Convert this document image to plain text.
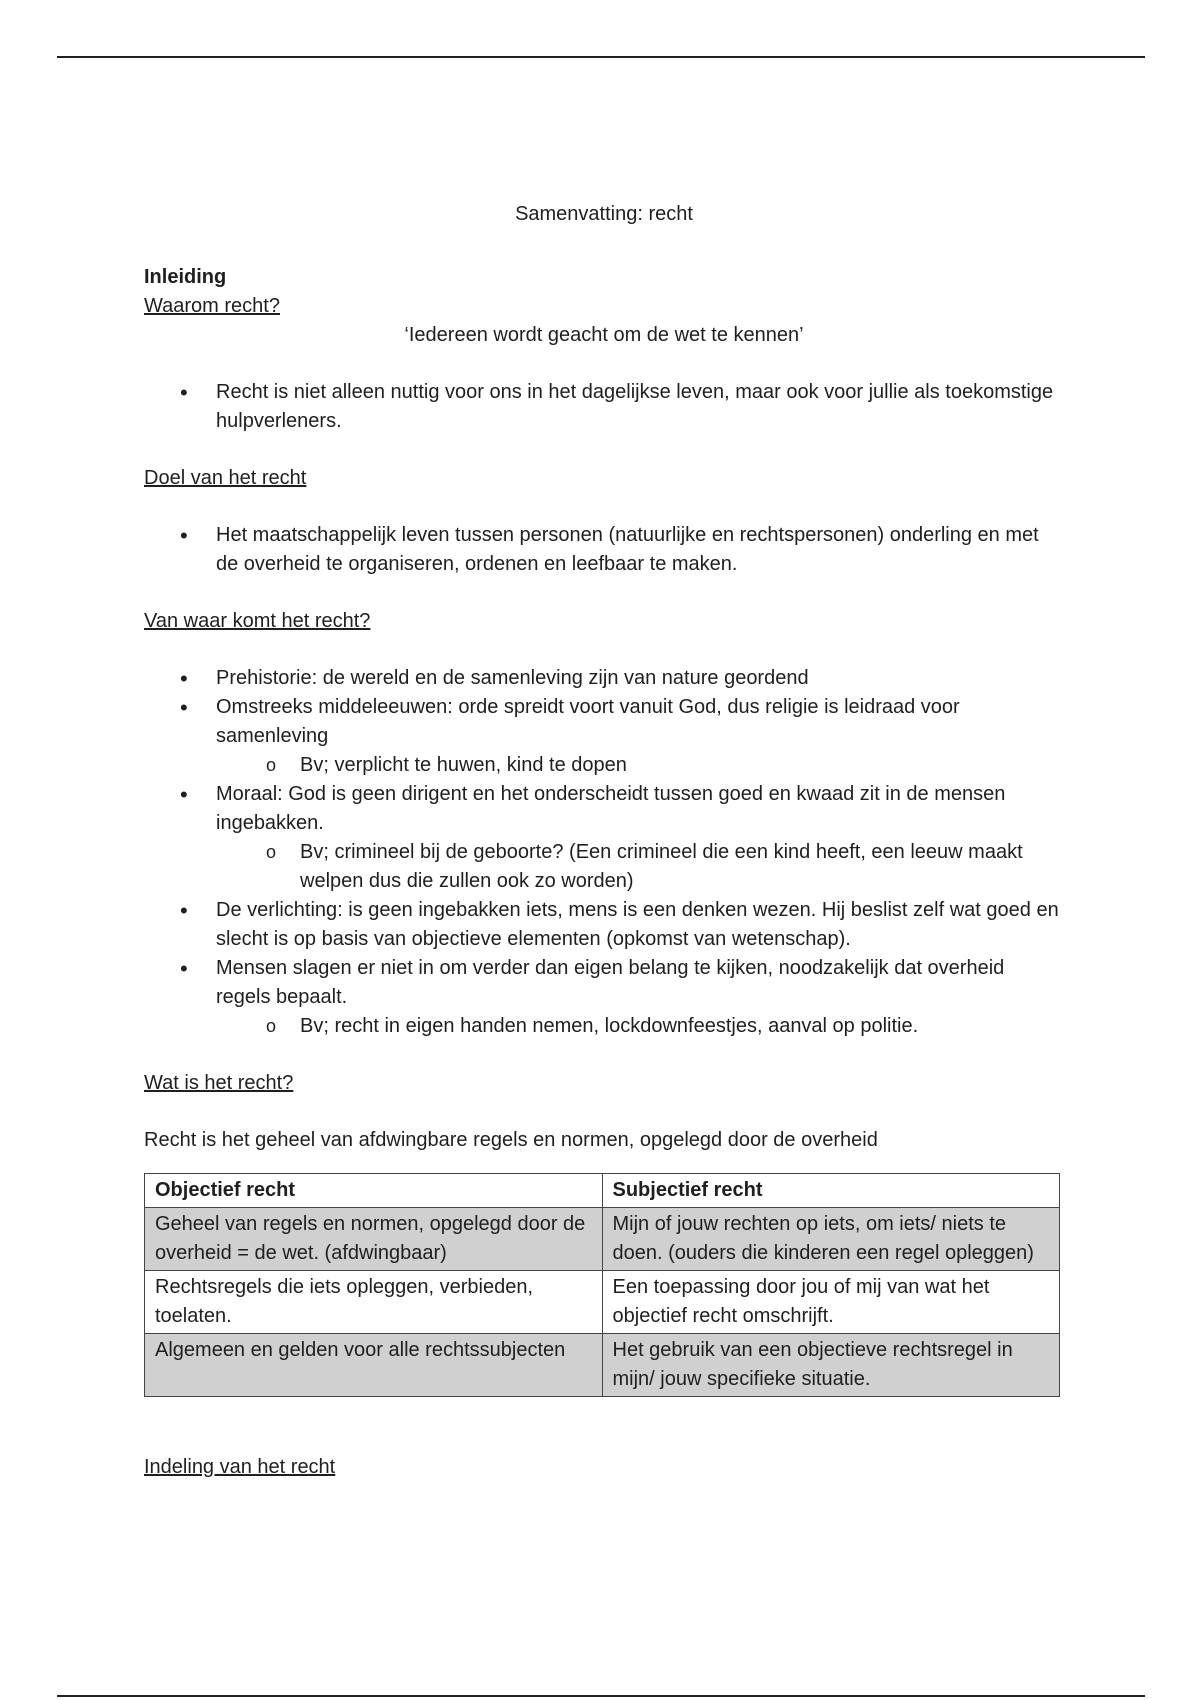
Samenvatting: recht

Inleiding

Waarom recht?

‘Iedereen wordt geacht om de wet te kennen’

• Recht is niet alleen nuttig voor ons in het dagelijkse leven, maar ook voor jullie als toekomstige hulpverleners.

Doel van het recht

• Het maatschappelijk leven tussen personen (natuurlijke en rechtspersonen) onderling en met de overheid te organiseren, ordenen en leefbaar te maken.

Van waar komt het recht?

• Prehistorie: de wereld en de samenleving zijn van nature geordend
• Omstreeks middeleeuwen: orde spreidt voort vanuit God, dus religie is leidraad voor samenleving
o Bv; verplicht te huwen, kind te dopen
• Moraal: God is geen dirigent en het onderscheidt tussen goed en kwaad zit in de mensen ingebakken.
o Bv; crimineel bij de geboorte? (Een crimineel die een kind heeft, een leeuw maakt welpen dus die zullen ook zo worden)
• De verlichting: is geen ingebakken iets, mens is een denken wezen. Hij beslist zelf wat goed en slecht is op basis van objectieve elementen (opkomst van wetenschap).
• Mensen slagen er niet in om verder dan eigen belang te kijken, noodzakelijk dat overheid regels bepaalt.
o Bv; recht in eigen handen nemen, lockdownfeestjes, aanval op politie.

Wat is het recht?

Recht is het geheel van afdwingbare regels en normen, opgelegd door de overheid

Objectief recht	Subjectief recht
Geheel van regels en normen, opgelegd door de overheid = de wet. (afdwingbaar)	Mijn of jouw rechten op iets, om iets/ niets te doen. (ouders die kinderen een regel opleggen)
Rechtsregels die iets opleggen, verbieden, toelaten.	Een toepassing door jou of mij van wat het objectief recht omschrijft.
Algemeen en gelden voor alle rechtssubjecten	Het gebruik van een objectieve rechtsregel in mijn/ jouw specifieke situatie.

Indeling van het recht
